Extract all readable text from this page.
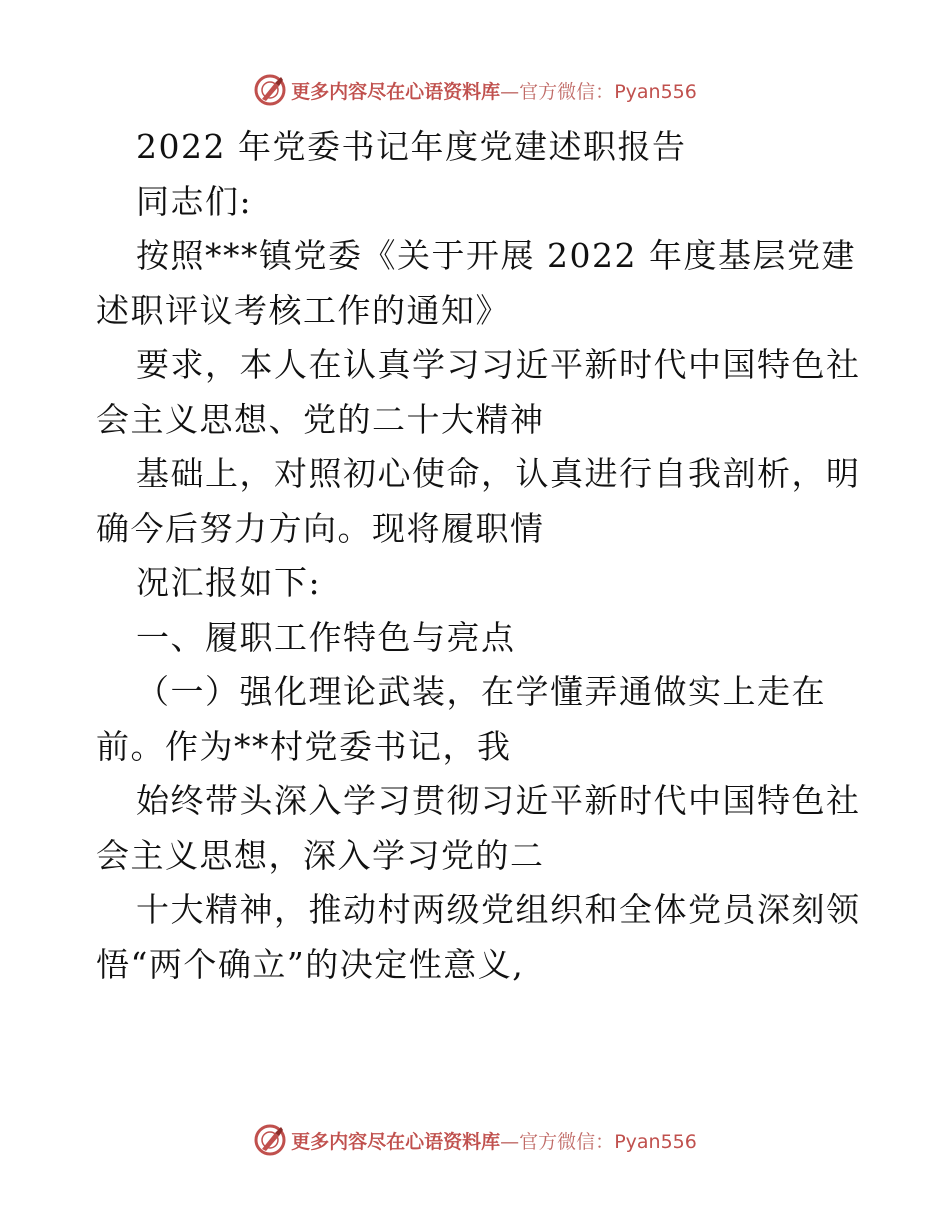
更多内容尽在心语资料库—官方微信：Pyan556
2022 年党委书记年度党建述职报告
同志们:
按照***镇党委《关于开展 2022 年度基层党建
述职评议考核工作的通知》
要求，本人在认真学习习近平新时代中国特色社
会主义思想、党的二十大精神
基础上，对照初心使命，认真进行自我剖析，明
确今后努力方向。现将履职情
况汇报如下:
一、履职工作特色与亮点
（一）强化理论武装，在学懂弄通做实上走在
前。作为**村党委书记，我
始终带头深入学习贯彻习近平新时代中国特色社
会主义思想，深入学习党的二
十大精神，推动村两级党组织和全体党员深刻领
悟“两个确立”的决定性意义,
更多内容尽在心语资料库—官方微信：Pyan556
